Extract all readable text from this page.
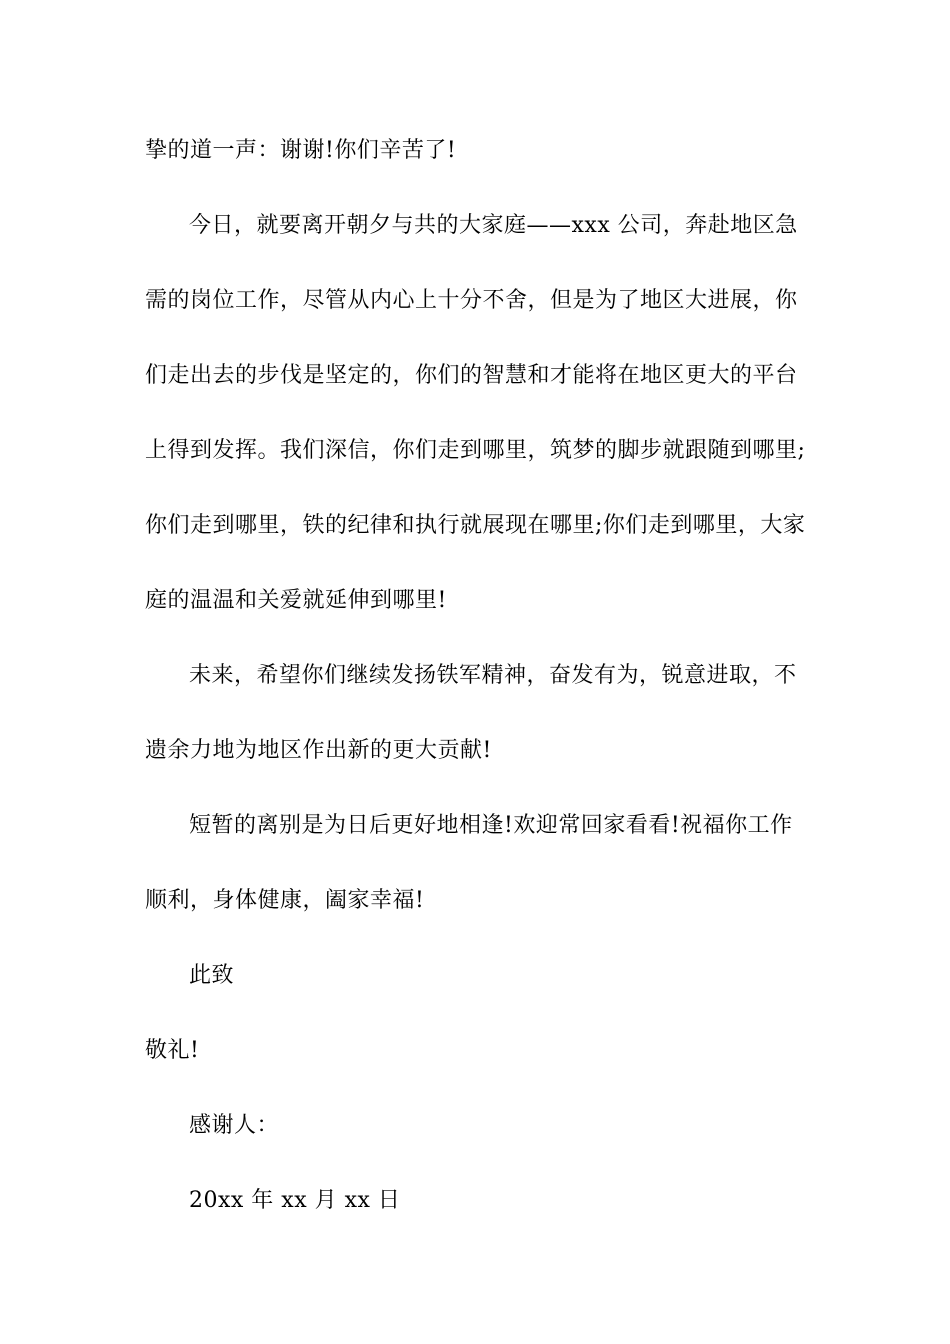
挚的道一声：谢谢!你们辛苦了!
今日，就要离开朝夕与共的大家庭——xxx 公司，奔赴地区急
需的岗位工作，尽管从内心上十分不舍，但是为了地区大进展，你
们走出去的步伐是坚定的，你们的智慧和才能将在地区更大的平台
上得到发挥。我们深信，你们走到哪里，筑梦的脚步就跟随到哪里;
你们走到哪里，铁的纪律和执行就展现在哪里;你们走到哪里，大家
庭的温温和关爱就延伸到哪里!
未来，希望你们继续发扬铁军精神，奋发有为，锐意进取，不
遗余力地为地区作出新的更大贡献!
短暂的离别是为日后更好地相逢!欢迎常回家看看!祝福你工作
顺利，身体健康，阖家幸福!
此致
敬礼!
感谢人：
20xx 年 xx 月 xx 日
